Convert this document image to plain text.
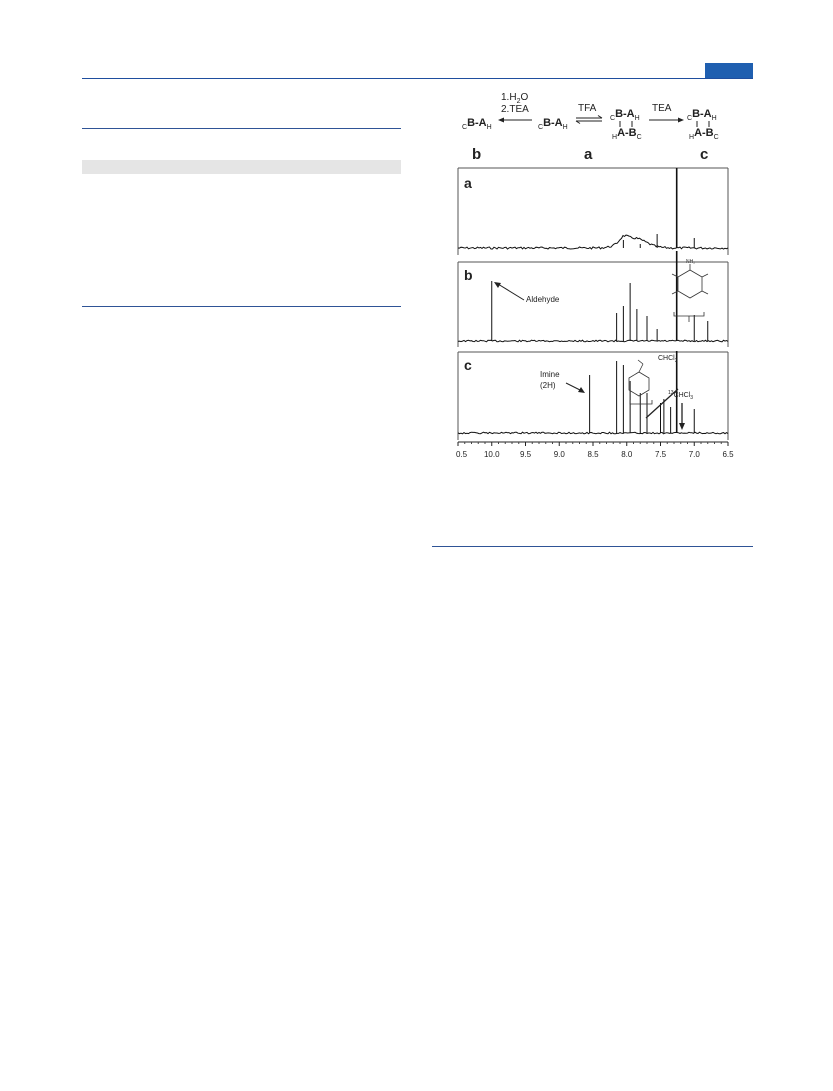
$1.H_2O$
2.TEA	TFA	TEA
$_CB-A_H$	$_CB-A_H$
$_CB-A_H$
$_HA-B_C$
$_CB-A_H$
$_HA-B_C$
b	a	c
a
b
c
Aldehyde
NH₂
Imine
(2H)
CHCl$_3$
$^{13}$CHCl$_3$
0.5 10.0	9.5	9.0	8.5	8.0	7.5	7.0	6.5
